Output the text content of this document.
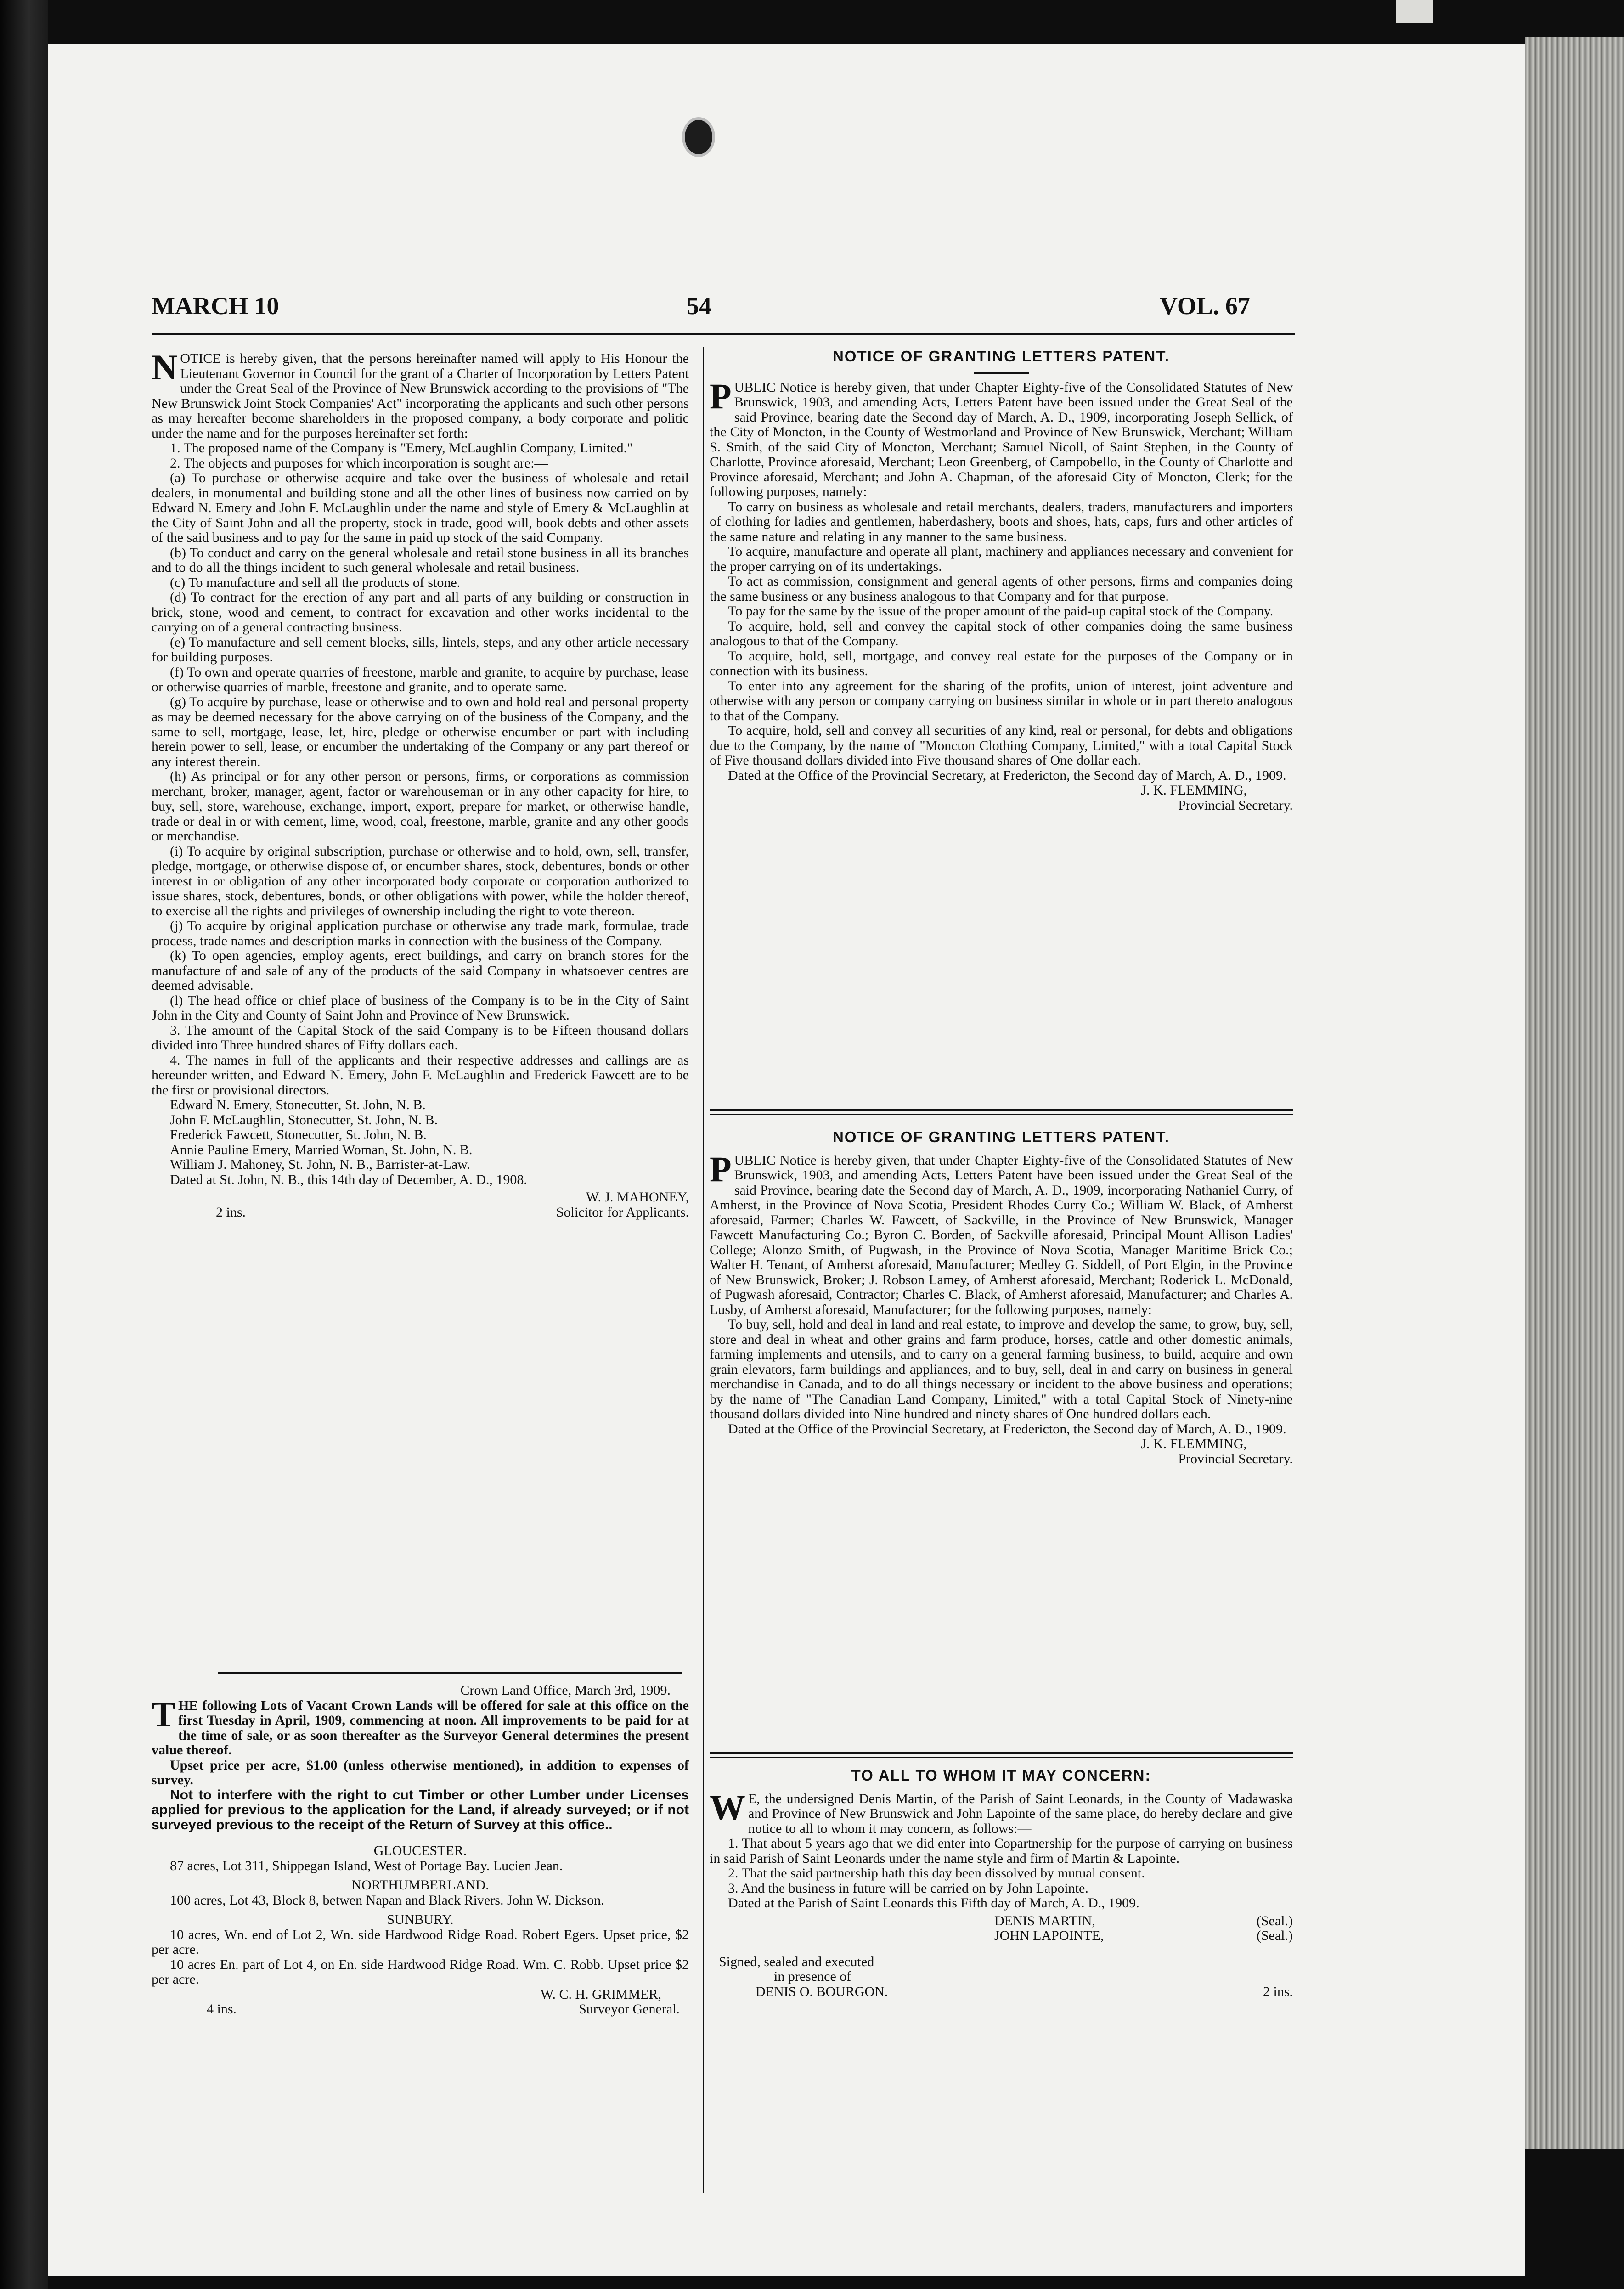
MARCH 10	54	VOL. 67

NOTICE is hereby given, that the persons hereinafter named will apply to His Honour the Lieutenant Governor in Council for the grant of a Charter of Incorporation by Letters Patent under the Great Seal of the Province of New Brunswick according to the provisions of "The New Brunswick Joint Stock Companies' Act" incorporating the applicants and such other persons as may hereafter become shareholders in the proposed company, a body corporate and politic under the name and for the purposes hereinafter set forth:

1. The proposed name of the Company is "Emery, McLaughlin Company, Limited."

2. The objects and purposes for which incorporation is sought are:—

(a) To purchase or otherwise acquire and take over the business of wholesale and retail dealers, in monumental and building stone and all the other lines of business now carried on by Edward N. Emery and John F. McLaughlin under the name and style of Emery & McLaughlin at the City of Saint John and all the property, stock in trade, good will, book debts and other assets of the said business and to pay for the same in paid up stock of the said Company.

(b) To conduct and carry on the general wholesale and retail stone business in all its branches and to do all the things incident to such general wholesale and retail business.

(c) To manufacture and sell all the products of stone.

(d) To contract for the erection of any part and all parts of any building or construction in brick, stone, wood and cement, to contract for excavation and other works incidental to the carrying on of a general contracting business.

(e) To manufacture and sell cement blocks, sills, lintels, steps, and any other article necessary for building purposes.

(f) To own and operate quarries of freestone, marble and granite, to acquire by purchase, lease or otherwise quarries of marble, freestone and granite, and to operate same.

(g) To acquire by purchase, lease or otherwise and to own and hold real and personal property as may be deemed necessary for the above carrying on of the business of the Company, and the same to sell, mortgage, lease, let, hire, pledge or otherwise encumber or part with including herein power to sell, lease, or encumber the undertaking of the Company or any part thereof or any interest therein.

(h) As principal or for any other person or persons, firms, or corporations as commission merchant, broker, manager, agent, factor or warehouseman or in any other capacity for hire, to buy, sell, store, warehouse, exchange, import, export, prepare for market, or otherwise handle, trade or deal in or with cement, lime, wood, coal, freestone, marble, granite and any other goods or merchandise.

(i) To acquire by original subscription, purchase or otherwise and to hold, own, sell, transfer, pledge, mortgage, or otherwise dispose of, or encumber shares, stock, debentures, bonds or other interest in or obligation of any other incorporated body corporate or corporation authorized to issue shares, stock, debentures, bonds, or other obligations with power, while the holder thereof, to exercise all the rights and privileges of ownership including the right to vote thereon.

(j) To acquire by original application purchase or otherwise any trade mark, formulae, trade process, trade names and description marks in connection with the business of the Company.

(k) To open agencies, employ agents, erect buildings, and carry on branch stores for the manufacture of and sale of any of the products of the said Company in whatsoever centres are deemed advisable.

(l) The head office or chief place of business of the Company is to be in the City of Saint John in the City and County of Saint John and Province of New Brunswick.

3. The amount of the Capital Stock of the said Company is to be Fifteen thousand dollars divided into Three hundred shares of Fifty dollars each.

4. The names in full of the applicants and their respective addresses and callings are as hereunder written, and Edward N. Emery, John F. McLaughlin and Frederick Fawcett are to be the first or provisional directors.

Edward N. Emery, Stonecutter, St. John, N. B.

John F. McLaughlin, Stonecutter, St. John, N. B.

Frederick Fawcett, Stonecutter, St. John, N. B.

Annie Pauline Emery, Married Woman, St. John, N. B.

William J. Mahoney, St. John, N. B., Barrister-at-Law.

Dated at St. John, N. B., this 14th day of December, A. D., 1908.

W. J. MAHONEY,

2 ins.	Solicitor for Applicants.

Crown Land Office, March 3rd, 1909.

THE following Lots of Vacant Crown Lands will be offered for sale at this office on the first Tuesday in April, 1909, commencing at noon. All improvements to be paid for at the time of sale, or as soon thereafter as the Surveyor General determines the present value thereof.

Upset price per acre, $1.00 (unless otherwise mentioned), in addition to expenses of survey.

Not to interfere with the right to cut Timber or other Lumber under Licenses applied for previous to the application for the Land, if already surveyed; or if not surveyed previous to the receipt of the Return of Survey at this office..

GLOUCESTER.

87 acres, Lot 311, Shippegan Island, West of Portage Bay. Lucien Jean.

NORTHUMBERLAND.

100 acres, Lot 43, Block 8, betwen Napan and Black Rivers. John W. Dickson.

SUNBURY.

10 acres, Wn. end of Lot 2, Wn. side Hardwood Ridge Road. Robert Egers. Upset price, $2 per acre.

10 acres En. part of Lot 4, on En. side Hardwood Ridge Road. Wm. C. Robb. Upset price $2 per acre.

W. C. H. GRIMMER,

4 ins.	Surveyor General.
NOTICE OF GRANTING LETTERS PATENT.

PUBLIC Notice is hereby given, that under Chapter Eighty-five of the Consolidated Statutes of New Brunswick, 1903, and amending Acts, Letters Patent have been issued under the Great Seal of the said Province, bearing date the Second day of March, A. D., 1909, incorporating Joseph Sellick, of the City of Moncton, in the County of Westmorland and Province of New Brunswick, Merchant; William S. Smith, of the said City of Moncton, Merchant; Samuel Nicoll, of Saint Stephen, in the County of Charlotte, Province aforesaid, Merchant; Leon Greenberg, of Campobello, in the County of Charlotte and Province aforesaid, Merchant; and John A. Chapman, of the aforesaid City of Moncton, Clerk; for the following purposes, namely:

To carry on business as wholesale and retail merchants, dealers, traders, manufacturers and importers of clothing for ladies and gentlemen, haberdashery, boots and shoes, hats, caps, furs and other articles of the same nature and relating in any manner to the same business.

To acquire, manufacture and operate all plant, machinery and appliances necessary and convenient for the proper carrying on of its undertakings.

To act as commission, consignment and general agents of other persons, firms and companies doing the same business or any business analogous to that Company and for that purpose.

To pay for the same by the issue of the proper amount of the paid-up capital stock of the Company.

To acquire, hold, sell and convey the capital stock of other companies doing the same business analogous to that of the Company.

To acquire, hold, sell, mortgage, and convey real estate for the purposes of the Company or in connection with its business.

To enter into any agreement for the sharing of the profits, union of interest, joint adventure and otherwise with any person or company carrying on business similar in whole or in part thereto analogous to that of the Company.

To acquire, hold, sell and convey all securities of any kind, real or personal, for debts and obligations due to the Company, by the name of "Moncton Clothing Company, Limited," with a total Capital Stock of Five thousand dollars divided into Five thousand shares of One dollar each.

Dated at the Office of the Provincial Secretary, at Fredericton, the Second day of March, A. D., 1909.

J. K. FLEMMING,

Provincial Secretary.

NOTICE OF GRANTING LETTERS PATENT.

PUBLIC Notice is hereby given, that under Chapter Eighty-five of the Consolidated Statutes of New Brunswick, 1903, and amending Acts, Letters Patent have been issued under the Great Seal of the said Province, bearing date the Second day of March, A. D., 1909, incorporating Nathaniel Curry, of Amherst, in the Province of Nova Scotia, President Rhodes Curry Co.; William W. Black, of Amherst aforesaid, Farmer; Charles W. Fawcett, of Sackville, in the Province of New Brunswick, Manager Fawcett Manufacturing Co.; Byron C. Borden, of Sackville aforesaid, Principal Mount Allison Ladies' College; Alonzo Smith, of Pugwash, in the Province of Nova Scotia, Manager Maritime Brick Co.; Walter H. Tenant, of Amherst aforesaid, Manufacturer; Medley G. Siddell, of Port Elgin, in the Province of New Brunswick, Broker; J. Robson Lamey, of Amherst aforesaid, Merchant; Roderick L. McDonald, of Pugwash aforesaid, Contractor; Charles C. Black, of Amherst aforesaid, Manufacturer; and Charles A. Lusby, of Amherst aforesaid, Manufacturer; for the following purposes, namely:

To buy, sell, hold and deal in land and real estate, to improve and develop the same, to grow, buy, sell, store and deal in wheat and other grains and farm produce, horses, cattle and other domestic animals, farming implements and utensils, and to carry on a general farming business, to build, acquire and own grain elevators, farm buildings and appliances, and to buy, sell, deal in and carry on business in general merchandise in Canada, and to do all things necessary or incident to the above business and operations; by the name of "The Canadian Land Company, Limited," with a total Capital Stock of Ninety-nine thousand dollars divided into Nine hundred and ninety shares of One hundred dollars each.

Dated at the Office of the Provincial Secretary, at Fredericton, the Second day of March, A. D., 1909.

J. K. FLEMMING,

Provincial Secretary.

TO ALL TO WHOM IT MAY CONCERN:

W E, the undersigned Denis Martin, of the Parish of Saint Leonards, in the County of Madawaska and Province of New Brunswick and John Lapointe of the same place, do hereby declare and give notice to all to whom it may concern, as follows:—

1. That about 5 years ago that we did enter into Copartnership for the purpose of carrying on business in said Parish of Saint Leonards under the name style and firm of Martin & Lapointe.

2. That the said partnership hath this day been dissolved by mutual consent.

3. And the business in future will be carried on by John Lapointe.

Dated at the Parish of Saint Leonards this Fifth day of March, A. D., 1909.

DENIS MARTIN,	(Seal.)
JOHN LAPOINTE,	(Seal.)

Signed, sealed and executed

in presence of

DENIS O. BOURGON.	2 ins.
